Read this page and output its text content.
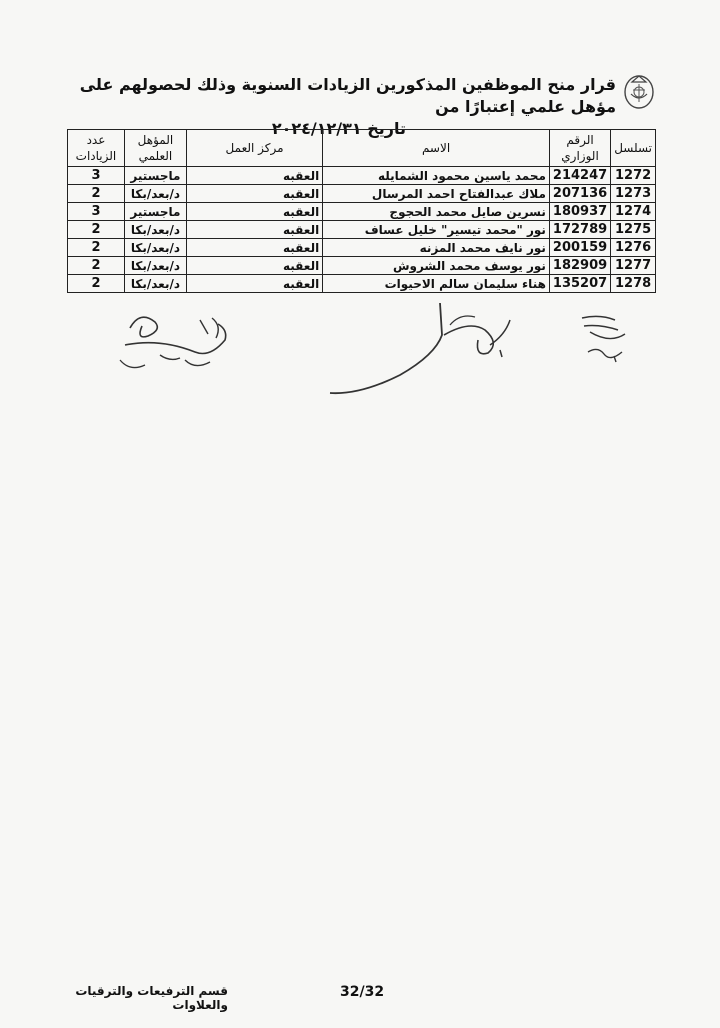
قرار منح الموظفين المذكورين الزيادات السنوية وذلك لحصولهم على مؤهل علمي إعتبارًا من
تاريخ ٢٠٢٤/١٢/٣١
تسلسل	الرقم الوزاري	الاسم	مركز العمل	المؤهل العلمي	عدد الزيادات
1272	214247	محمد ياسين محمود الشمايله	العقبه	ماجستير	3
1273	207136	ملاك عبدالفتاح احمد المرسال	العقبه	د/بعد/بكا	2
1274	180937	نسرين صايل محمد الحجوج	العقبه	ماجستير	3
1275	172789	نور "محمد تيسير" خليل عساف	العقبه	د/بعد/بكا	2
1276	200159	نور نايف محمد المزنه	العقبه	د/بعد/بكا	2
1277	182909	نور يوسف محمد الشروش	العقبه	د/بعد/بكا	2
1278	135207	هناء سليمان سالم الاحيوات	العقبه	د/بعد/بكا	2
32/32
قسم الترفيعات والترقيات والعلاوات
